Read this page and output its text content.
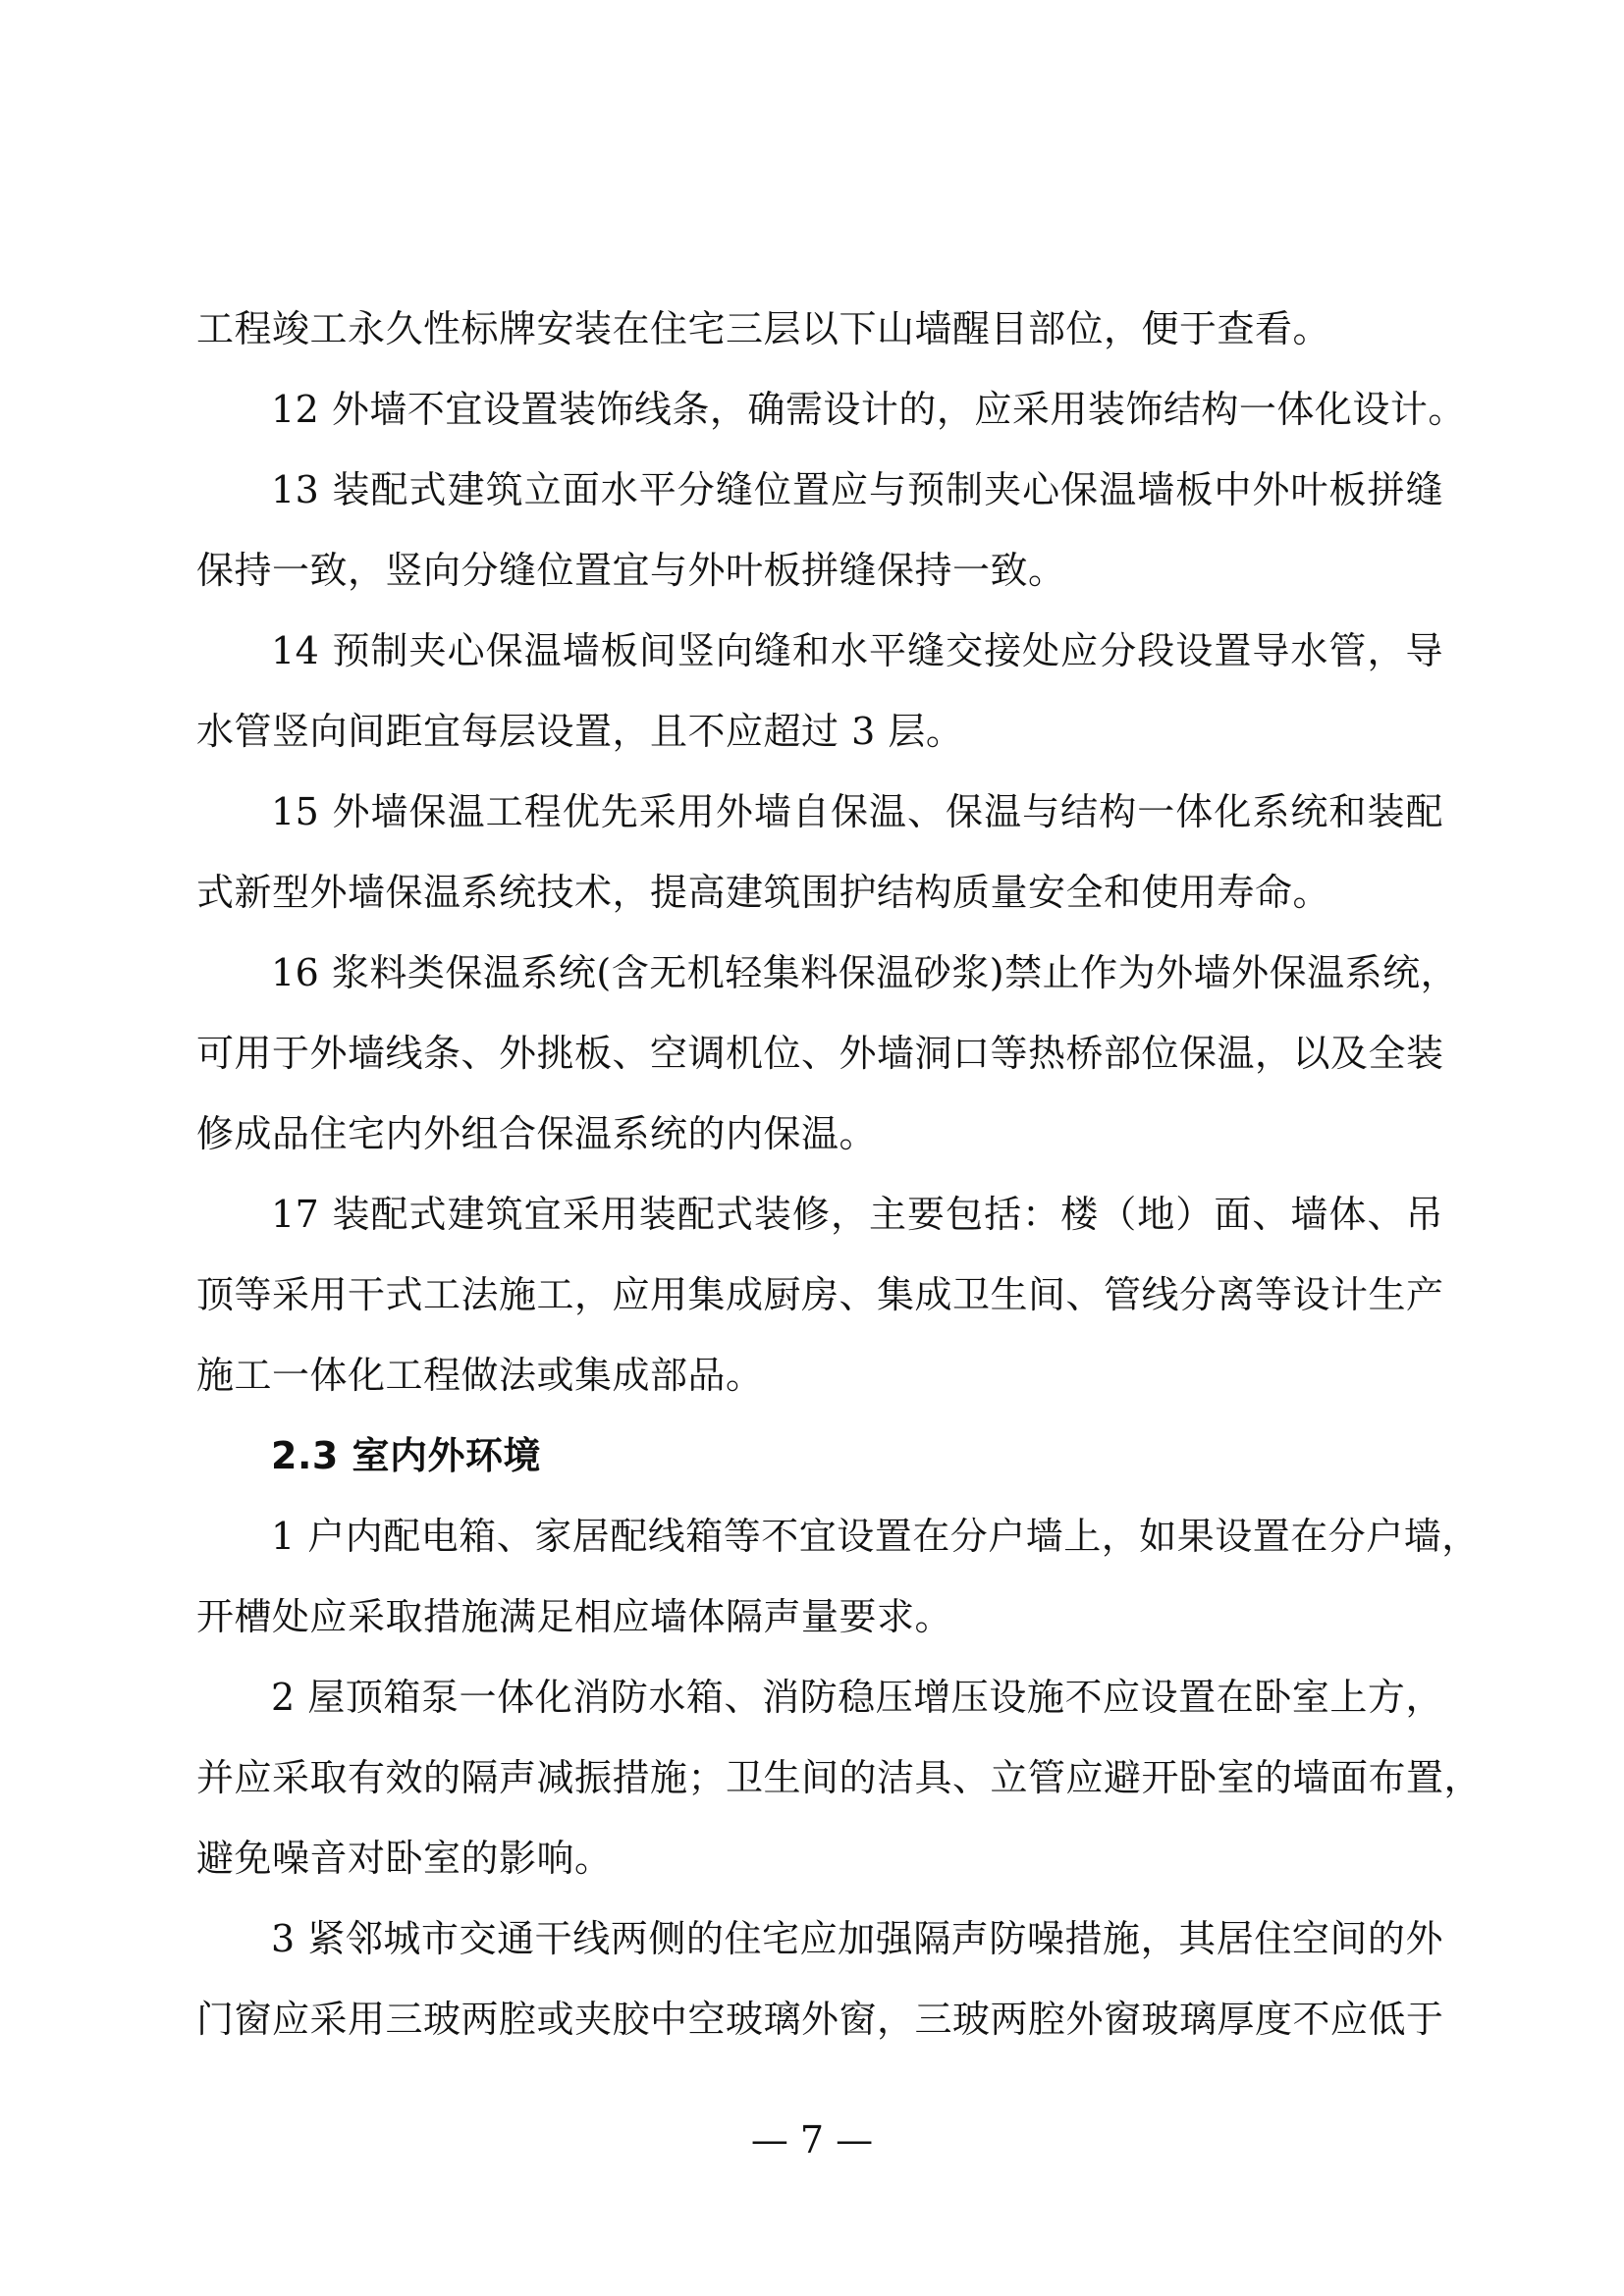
工程竣工永久性标牌安装在住宅三层以下山墙醒目部位，便于查看。
12 外墙不宜设置装饰线条，确需设计的，应采用装饰结构一体化设计。
13 装配式建筑立面水平分缝位置应与预制夹心保温墙板中外叶板拼缝
保持一致，竖向分缝位置宜与外叶板拼缝保持一致。
14 预制夹心保温墙板间竖向缝和水平缝交接处应分段设置导水管，导
水管竖向间距宜每层设置，且不应超过 3 层。
15 外墙保温工程优先采用外墙自保温、保温与结构一体化系统和装配
式新型外墙保温系统技术，提高建筑围护结构质量安全和使用寿命。
16 浆料类保温系统(含无机轻集料保温砂浆)禁止作为外墙外保温系统，
可用于外墙线条、外挑板、空调机位、外墙洞口等热桥部位保温，以及全装
修成品住宅内外组合保温系统的内保温。
17 装配式建筑宜采用装配式装修，主要包括：楼（地）面、墙体、吊
顶等采用干式工法施工，应用集成厨房、集成卫生间、管线分离等设计生产
施工一体化工程做法或集成部品。
2.3 室内外环境
1 户内配电箱、家居配线箱等不宜设置在分户墙上，如果设置在分户墙，
开槽处应采取措施满足相应墙体隔声量要求。
2 屋顶箱泵一体化消防水箱、消防稳压增压设施不应设置在卧室上方，
并应采取有效的隔声减振措施；卫生间的洁具、立管应避开卧室的墙面布置，
避免噪音对卧室的影响。
3 紧邻城市交通干线两侧的住宅应加强隔声防噪措施，其居住空间的外
门窗应采用三玻两腔或夹胶中空玻璃外窗，三玻两腔外窗玻璃厚度不应低于
— 7 —
